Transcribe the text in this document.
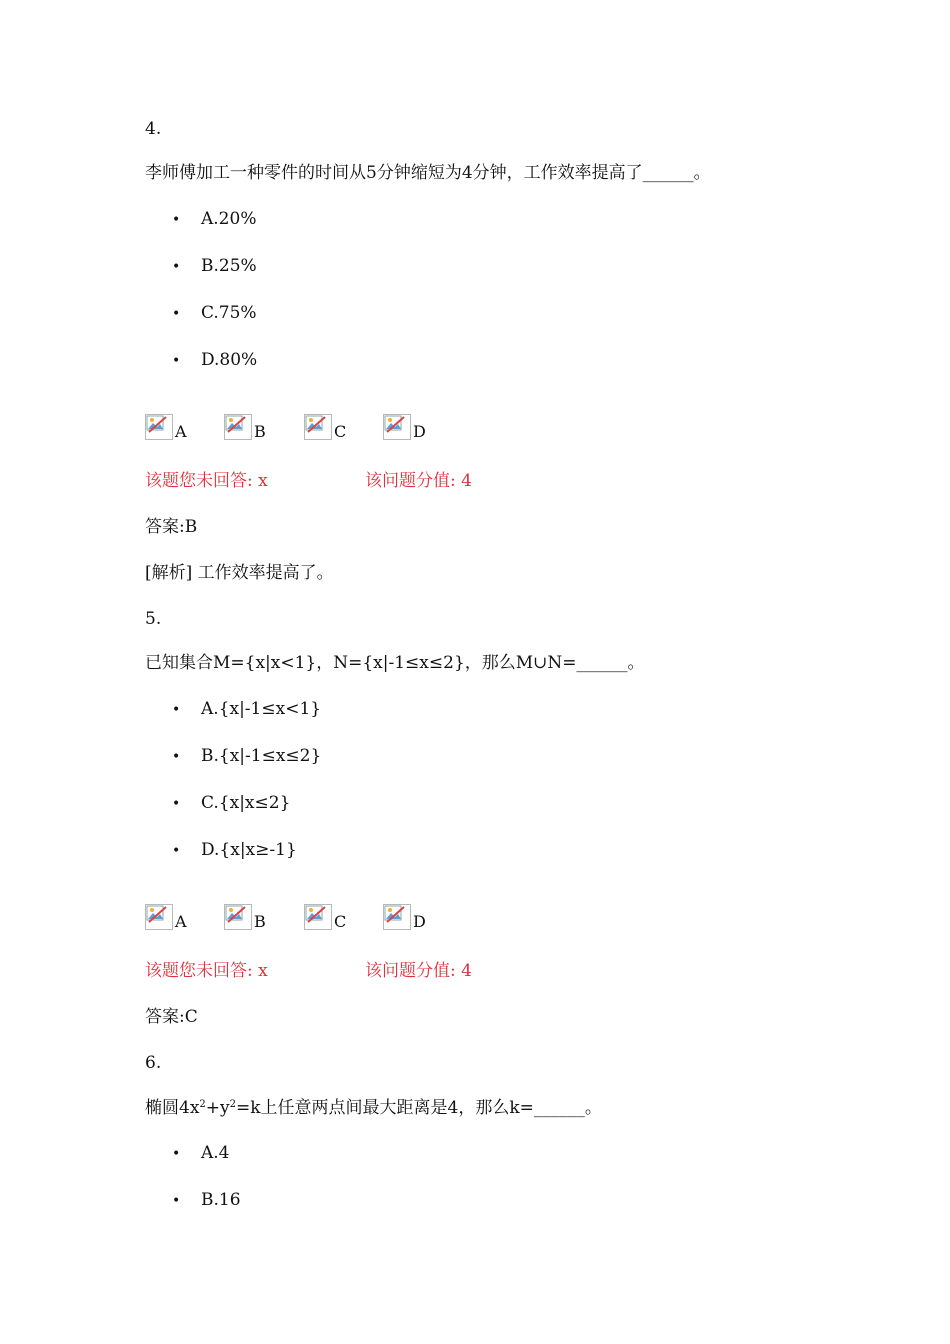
4.
李师傅加工一种零件的时间从5分钟缩短为4分钟，工作效率提高了______。
• A.20%
• B.25%
• C.75%
• D.80%
A	B	C	D
该题您未回答: x	该问题分值: 4
答案:B
[解析] 工作效率提高了。
5.
已知集合M={x|x<1}，N={x|-1≤x≤2}，那么M∪N=______。
• A.{x|-1≤x<1}
• B.{x|-1≤x≤2}
• C.{x|x≤2}
• D.{x|x≥-1}
A	B	C	D
该题您未回答: x	该问题分值: 4
答案:C
6.
椭圆$4x^2+y^2=k$上任意两点间最大距离是4，那么k=______。
• A.4
• B.16
